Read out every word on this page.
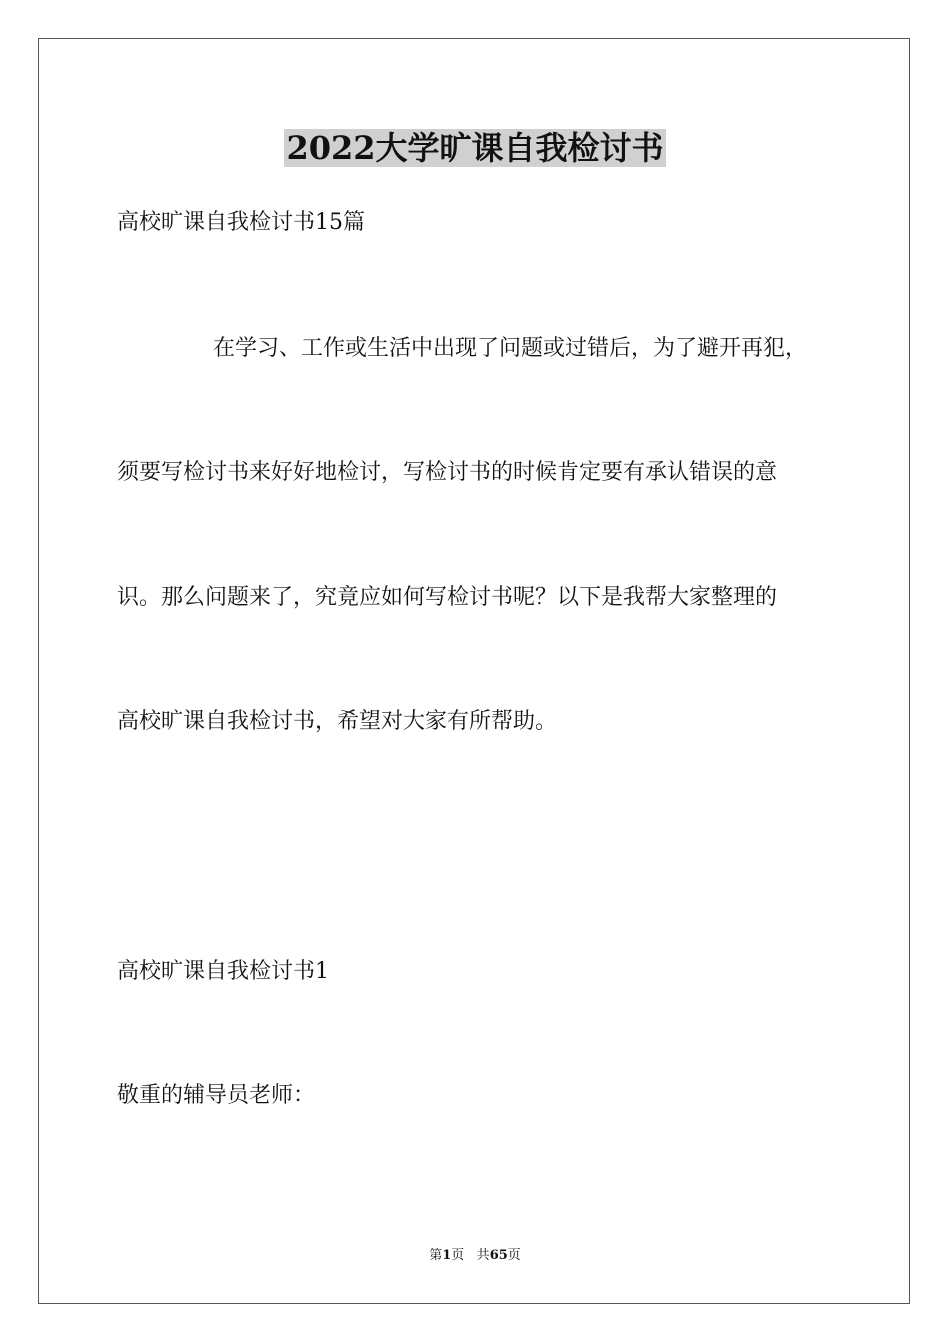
2022大学旷课自我检讨书
高校旷课自我检讨书15篇
在学习、工作或生活中出现了问题或过错后，为了避开再犯，
须要写检讨书来好好地检讨，写检讨书的时候肯定要有承认错误的意
识。那么问题来了，究竟应如何写检讨书呢？以下是我帮大家整理的
高校旷课自我检讨书，希望对大家有所帮助。
高校旷课自我检讨书1
敬重的辅导员老师：
第1页 共65页
